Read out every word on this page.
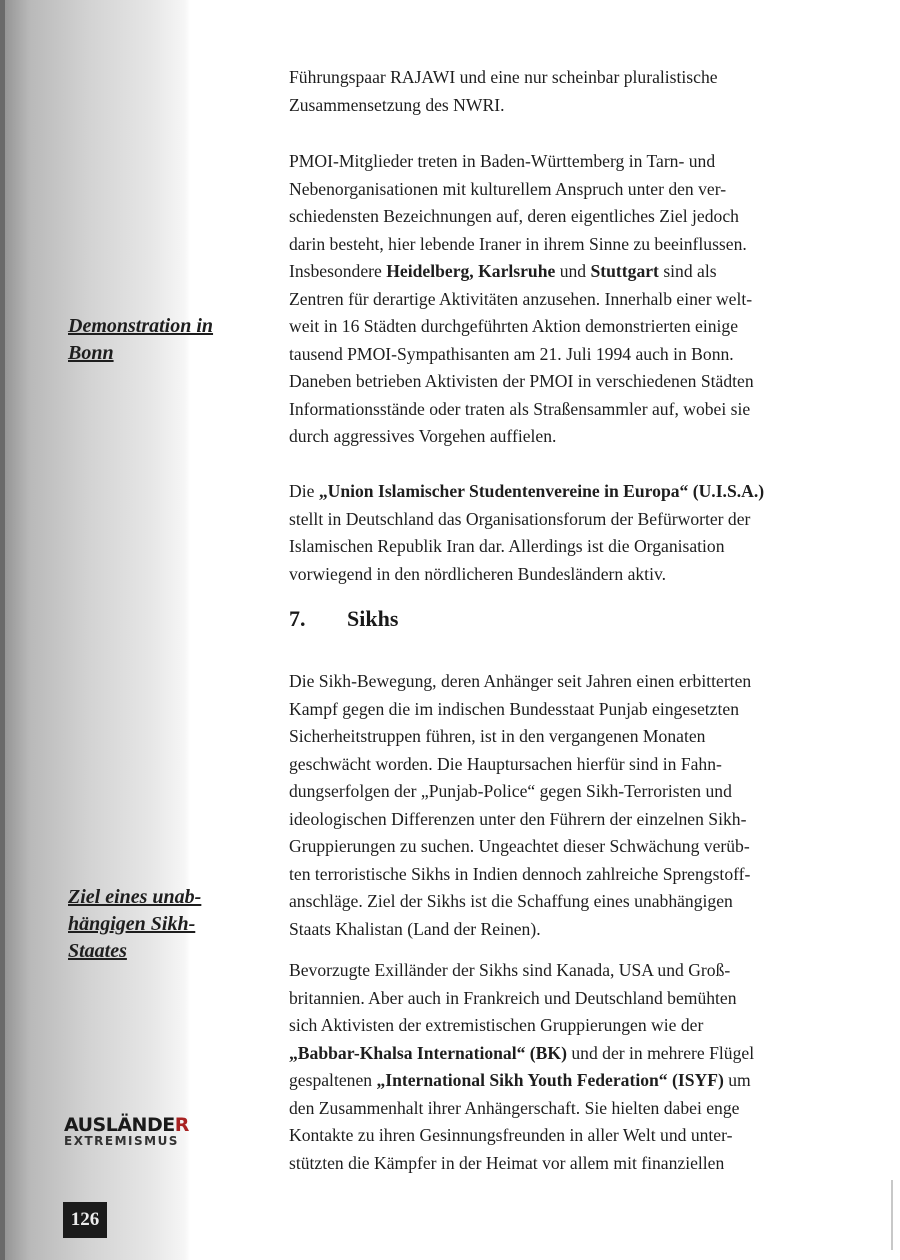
Demonstration in
Bonn
Ziel eines unab-
hängigen Sikh-
Staates

Führungspaar RAJAWI und eine nur scheinbar pluralistische
Zusammensetzung des NWRI.

PMOI-Mitglieder treten in Baden-Württemberg in Tarn- und
Nebenorganisationen mit kulturellem Anspruch unter den ver-
schiedensten Bezeichnungen auf, deren eigentliches Ziel jedoch
darin besteht, hier lebende Iraner in ihrem Sinne zu beeinflussen.
Insbesondere Heidelberg, Karlsruhe und Stuttgart sind als
Zentren für derartige Aktivitäten anzusehen. Innerhalb einer welt-
weit in 16 Städten durchgeführten Aktion demonstrierten einige
tausend PMOI-Sympathisanten am 21. Juli 1994 auch in Bonn.
Daneben betrieben Aktivisten der PMOI in verschiedenen Städten
Informationsstände oder traten als Straßensammler auf, wobei sie
durch aggressives Vorgehen auffielen.

Die „Union Islamischer Studentenvereine in Europa“ (U.I.S.A.)
stellt in Deutschland das Organisationsforum der Befürworter der
Islamischen Republik Iran dar. Allerdings ist die Organisation
vorwiegend in den nördlicheren Bundesländern aktiv.

7. Sikhs

Die Sikh-Bewegung, deren Anhänger seit Jahren einen erbitterten
Kampf gegen die im indischen Bundesstaat Punjab eingesetzten
Sicherheitstruppen führen, ist in den vergangenen Monaten
geschwächt worden. Die Hauptursachen hierfür sind in Fahn-
dungserfolgen der „Punjab-Police“ gegen Sikh-Terroristen und
ideologischen Differenzen unter den Führern der einzelnen Sikh-
Gruppierungen zu suchen. Ungeachtet dieser Schwächung verüb-
ten terroristische Sikhs in Indien dennoch zahlreiche Sprengstoff-
anschläge. Ziel der Sikhs ist die Schaffung eines unabhängigen
Staats Khalistan (Land der Reinen).

Bevorzugte Exilländer der Sikhs sind Kanada, USA und Groß-
britannien. Aber auch in Frankreich und Deutschland bemühten
sich Aktivisten der extremistischen Gruppierungen wie der
„Babbar-Khalsa International“ (BK) und der in mehrere Flügel
gespaltenen „International Sikh Youth Federation“ (ISYF) um
den Zusammenhalt ihrer Anhängerschaft. Sie hielten dabei enge
Kontakte zu ihren Gesinnungsfreunden in aller Welt und unter-
stützten die Kämpfer in der Heimat vor allem mit finanziellen

AUSLÄNDER
EXTREMISMUS
126
